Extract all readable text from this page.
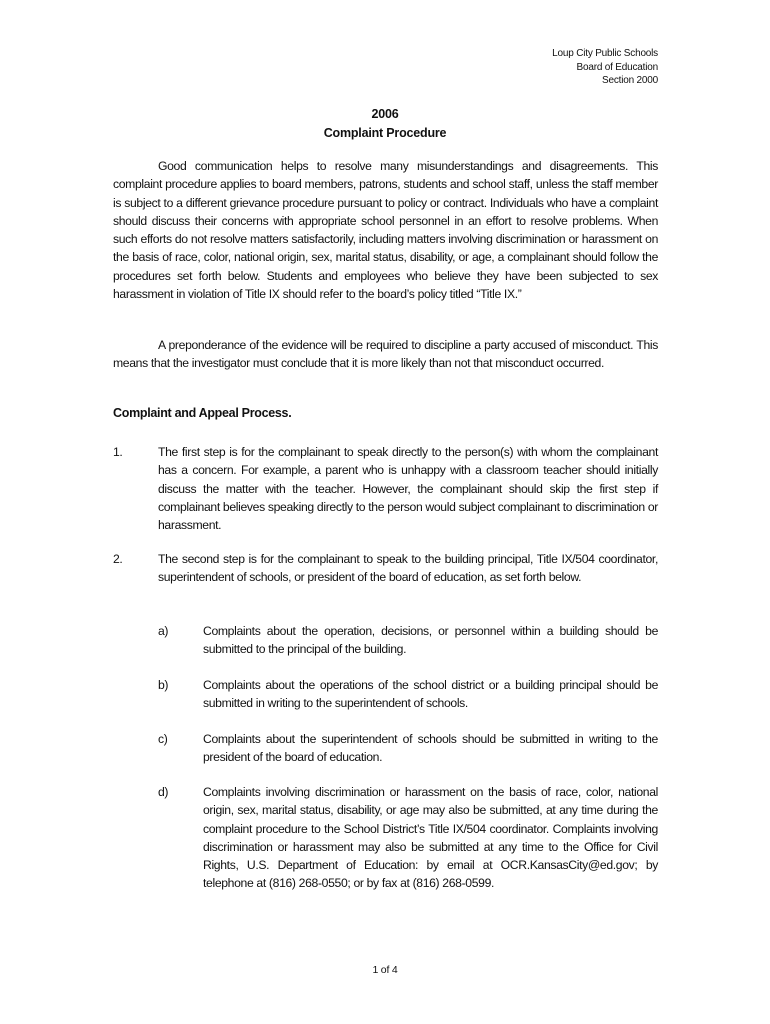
Loup City Public Schools
Board of Education
Section 2000
2006
Complaint Procedure
Good communication helps to resolve many misunderstandings and disagreements. This complaint procedure applies to board members, patrons, students and school staff, unless the staff member is subject to a different grievance procedure pursuant to policy or contract. Individuals who have a complaint should discuss their concerns with appropriate school personnel in an effort to resolve problems. When such efforts do not resolve matters satisfactorily, including matters involving discrimination or harassment on the basis of race, color, national origin, sex, marital status, disability, or age, a complainant should follow the procedures set forth below. Students and employees who believe they have been subjected to sex harassment in violation of Title IX should refer to the board’s policy titled “Title IX.”
A preponderance of the evidence will be required to discipline a party accused of misconduct. This means that the investigator must conclude that it is more likely than not that misconduct occurred.
Complaint and Appeal Process.
1.	The first step is for the complainant to speak directly to the person(s) with whom the complainant has a concern. For example, a parent who is unhappy with a classroom teacher should initially discuss the matter with the teacher. However, the complainant should skip the first step if complainant believes speaking directly to the person would subject complainant to discrimination or harassment.
2.	The second step is for the complainant to speak to the building principal, Title IX/504 coordinator, superintendent of schools, or president of the board of education, as set forth below.
a)	Complaints about the operation, decisions, or personnel within a building should be submitted to the principal of the building.
b)	Complaints about the operations of the school district or a building principal should be submitted in writing to the superintendent of schools.
c)	Complaints about the superintendent of schools should be submitted in writing to the president of the board of education.
d)	Complaints involving discrimination or harassment on the basis of race, color, national origin, sex, marital status, disability, or age may also be submitted, at any time during the complaint procedure to the School District’s Title IX/504 coordinator. Complaints involving discrimination or harassment may also be submitted at any time to the Office for Civil Rights, U.S. Department of Education: by email at OCR.KansasCity@ed.gov; by telephone at (816) 268-0550; or by fax at (816) 268-0599.
1 of 4
